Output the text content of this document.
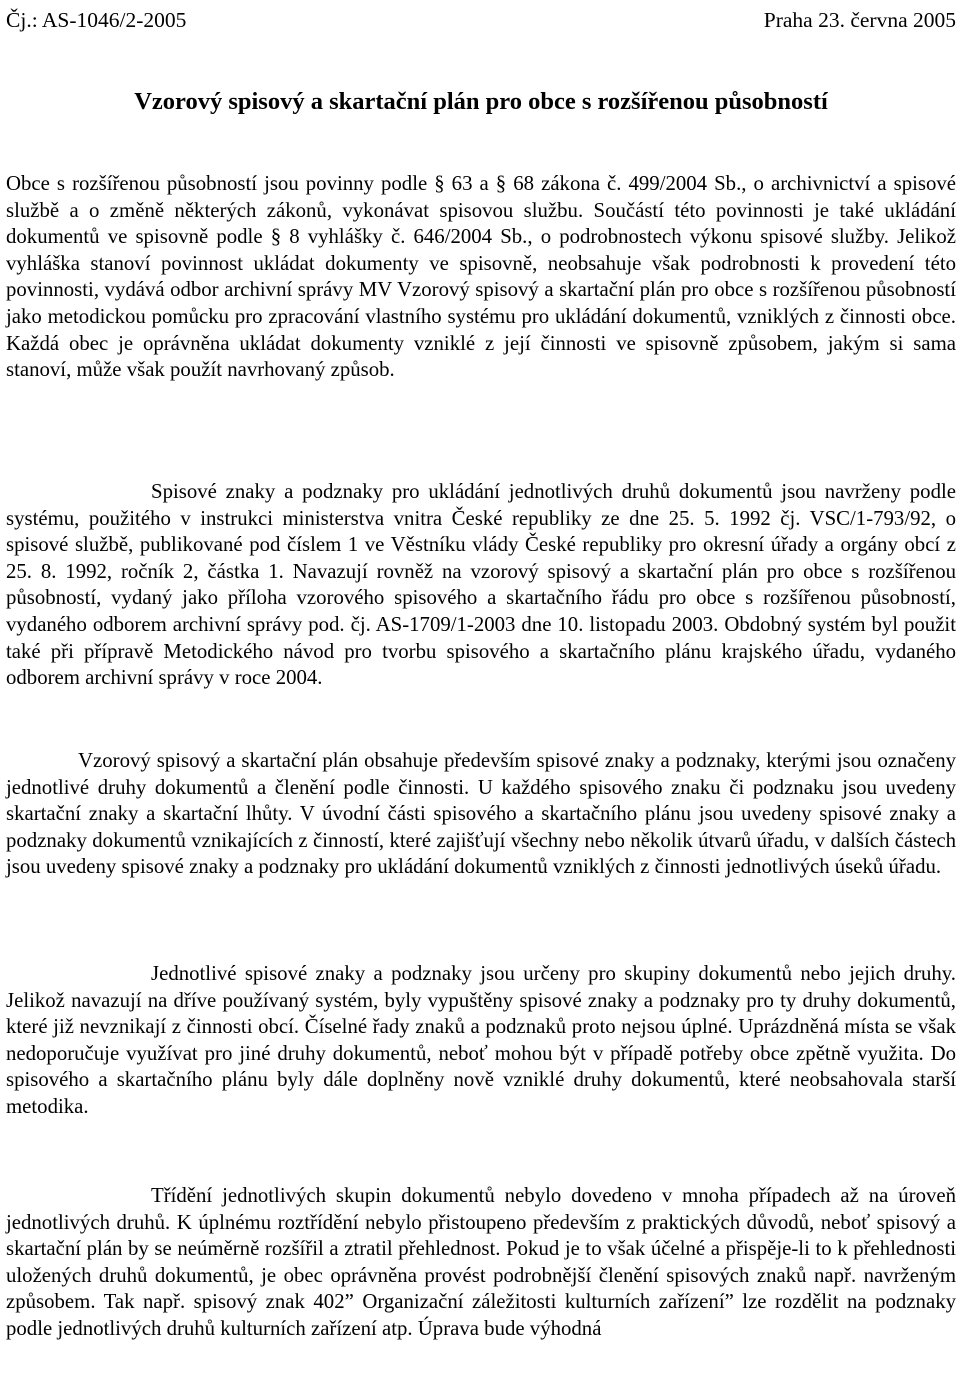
Čj.: AS-1046/2-2005	Praha 23. června 2005
Vzorový spisový a skartační plán pro obce s rozšířenou působností

Obce s rozšířenou působností jsou povinny podle § 63 a § 68 zákona č. 499/2004 Sb., o archivnictví a spisové službě a o změně některých zákonů, vykonávat spisovou službu. Součástí této povinnosti je také ukládání dokumentů ve spisovně podle § 8 vyhlášky č. 646/2004 Sb., o podrobnostech výkonu spisové služby. Jelikož vyhláška stanoví povinnost ukládat dokumenty ve spisovně, neobsahuje však podrobnosti k provedení této povinnosti, vydává odbor archivní správy MV Vzorový spisový a skartační plán pro obce s rozšířenou působností jako metodickou pomůcku pro zpracování vlastního systému pro ukládání dokumentů, vzniklých z činnosti obce. Každá obec je oprávněna ukládat dokumenty vzniklé z její činnosti ve spisovně způsobem, jakým si sama stanoví, může však použít navrhovaný způsob.

Spisové znaky a podznaky pro ukládání jednotlivých druhů dokumentů jsou navrženy podle systému, použitého v instrukci ministerstva vnitra České republiky ze dne 25. 5. 1992 čj. VSC/1-793/92, o spisové službě, publikované pod číslem 1 ve Věstníku vlády České republiky pro okresní úřady a orgány obcí z 25. 8. 1992, ročník 2, částka 1. Navazují rovněž na vzorový spisový a skartační plán pro obce s rozšířenou působností, vydaný jako příloha vzorového spisového a skartačního řádu pro obce s rozšířenou působností, vydaného odborem archivní správy pod. čj. AS-1709/1-2003 dne 10. listopadu 2003. Obdobný systém byl použit také při přípravě Metodického návod pro tvorbu spisového a skartačního plánu krajského úřadu, vydaného odborem archivní správy v roce 2004.

Vzorový spisový a skartační plán obsahuje především spisové znaky a podznaky, kterými jsou označeny jednotlivé druhy dokumentů a členění podle činnosti. U každého spisového znaku či podznaku jsou uvedeny skartační znaky a skartační lhůty. V úvodní části spisového a skartačního plánu jsou uvedeny spisové znaky a podznaky dokumentů vznikajících z činností, které zajišťují všechny nebo několik útvarů úřadu, v dalších částech jsou uvedeny spisové znaky a podznaky pro ukládání dokumentů vzniklých z činnosti jednotlivých úseků úřadu.

Jednotlivé spisové znaky a podznaky jsou určeny pro skupiny dokumentů nebo jejich druhy. Jelikož navazují na dříve používaný systém, byly vypuštěny spisové znaky a podznaky pro ty druhy dokumentů, které již nevznikají z činnosti obcí. Číselné řady znaků a podznaků proto nejsou úplné. Uprázdněná místa se však nedoporučuje využívat pro jiné druhy dokumentů, neboť mohou být v případě potřeby obce zpětně využita. Do spisového a skartačního plánu byly dále doplněny nově vzniklé druhy dokumentů, které neobsahovala starší metodika.

Třídění jednotlivých skupin dokumentů nebylo dovedeno v mnoha případech až na úroveň jednotlivých druhů. K úplnému roztřídění nebylo přistoupeno především z praktických důvodů, neboť spisový a skartační plán by se neúměrně rozšířil a ztratil přehlednost. Pokud je to však účelné a přispěje-li to k přehlednosti uložených druhů dokumentů, je obec oprávněna provést podrobnější členění spisových znaků např. navrženým způsobem. Tak např. spisový znak 402” Organizační záležitosti kulturních zařízení” lze rozdělit na podznaky podle jednotlivých druhů kulturních zařízení atp. Úprava bude výhodná
